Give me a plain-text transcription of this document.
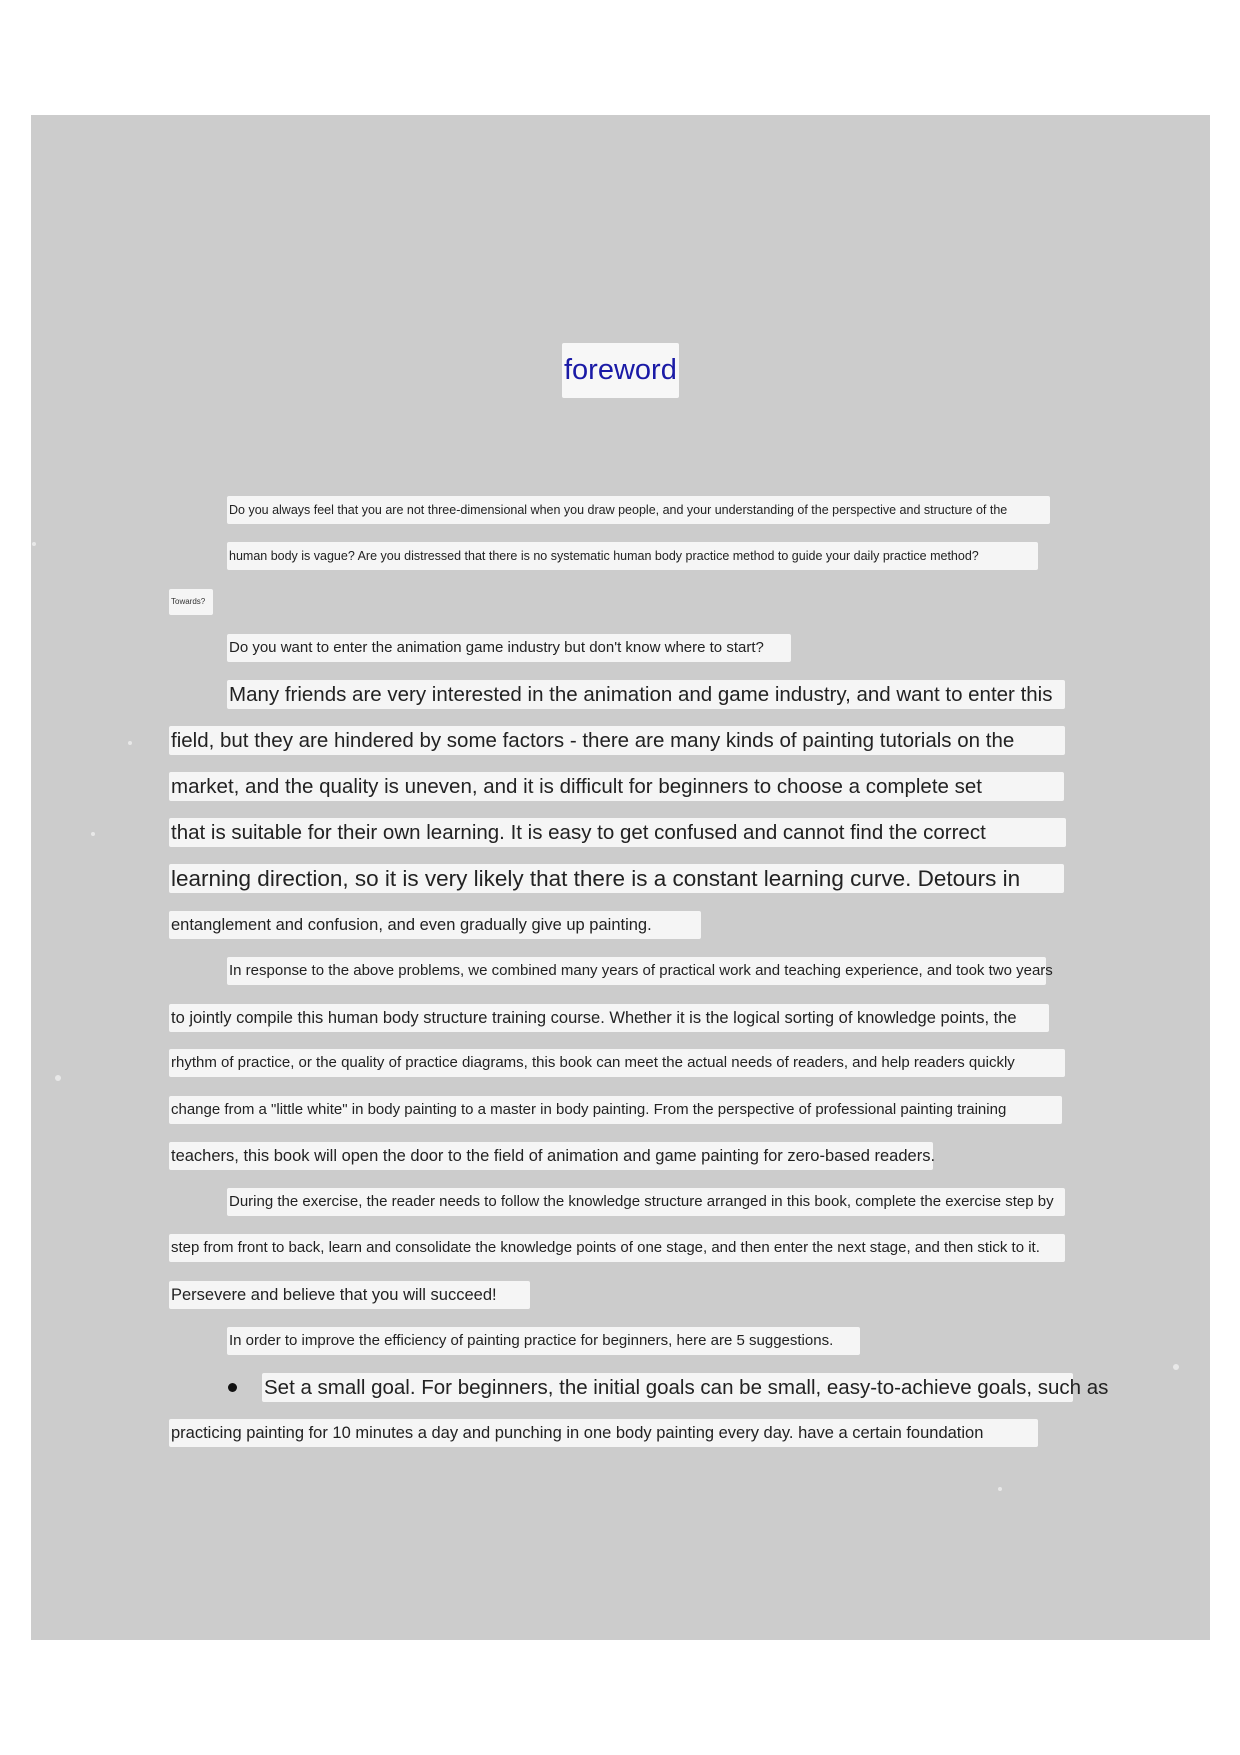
foreword
Do you always feel that you are not three-dimensional when you draw people, and your understanding of the perspective and structure of the
human body is vague? Are you distressed that there is no systematic human body practice method to guide your daily practice method?
Towards?
Do you want to enter the animation game industry but don't know where to start?
Many friends are very interested in the animation and game industry, and want to enter this
field, but they are hindered by some factors - there are many kinds of painting tutorials on the
market, and the quality is uneven, and it is difficult for beginners to choose a complete set
that is suitable for their own learning. It is easy to get confused and cannot find the correct
learning direction, so it is very likely that there is a constant learning curve. Detours in
entanglement and confusion, and even gradually give up painting.
In response to the above problems, we combined many years of practical work and teaching experience, and took two years
to jointly compile this human body structure training course. Whether it is the logical sorting of knowledge points, the
rhythm of practice, or the quality of practice diagrams, this book can meet the actual needs of readers, and help readers quickly
change from a "little white" in body painting to a master in body painting. From the perspective of professional painting training
teachers, this book will open the door to the field of animation and game painting for zero-based readers.
During the exercise, the reader needs to follow the knowledge structure arranged in this book, complete the exercise step by
step from front to back, learn and consolidate the knowledge points of one stage, and then enter the next stage, and then stick to it.
Persevere and believe that you will succeed!
In order to improve the efficiency of painting practice for beginners, here are 5 suggestions.
Set a small goal. For beginners, the initial goals can be small, easy-to-achieve goals, such as
practicing painting for 10 minutes a day and punching in one body painting every day. have a certain foundation
